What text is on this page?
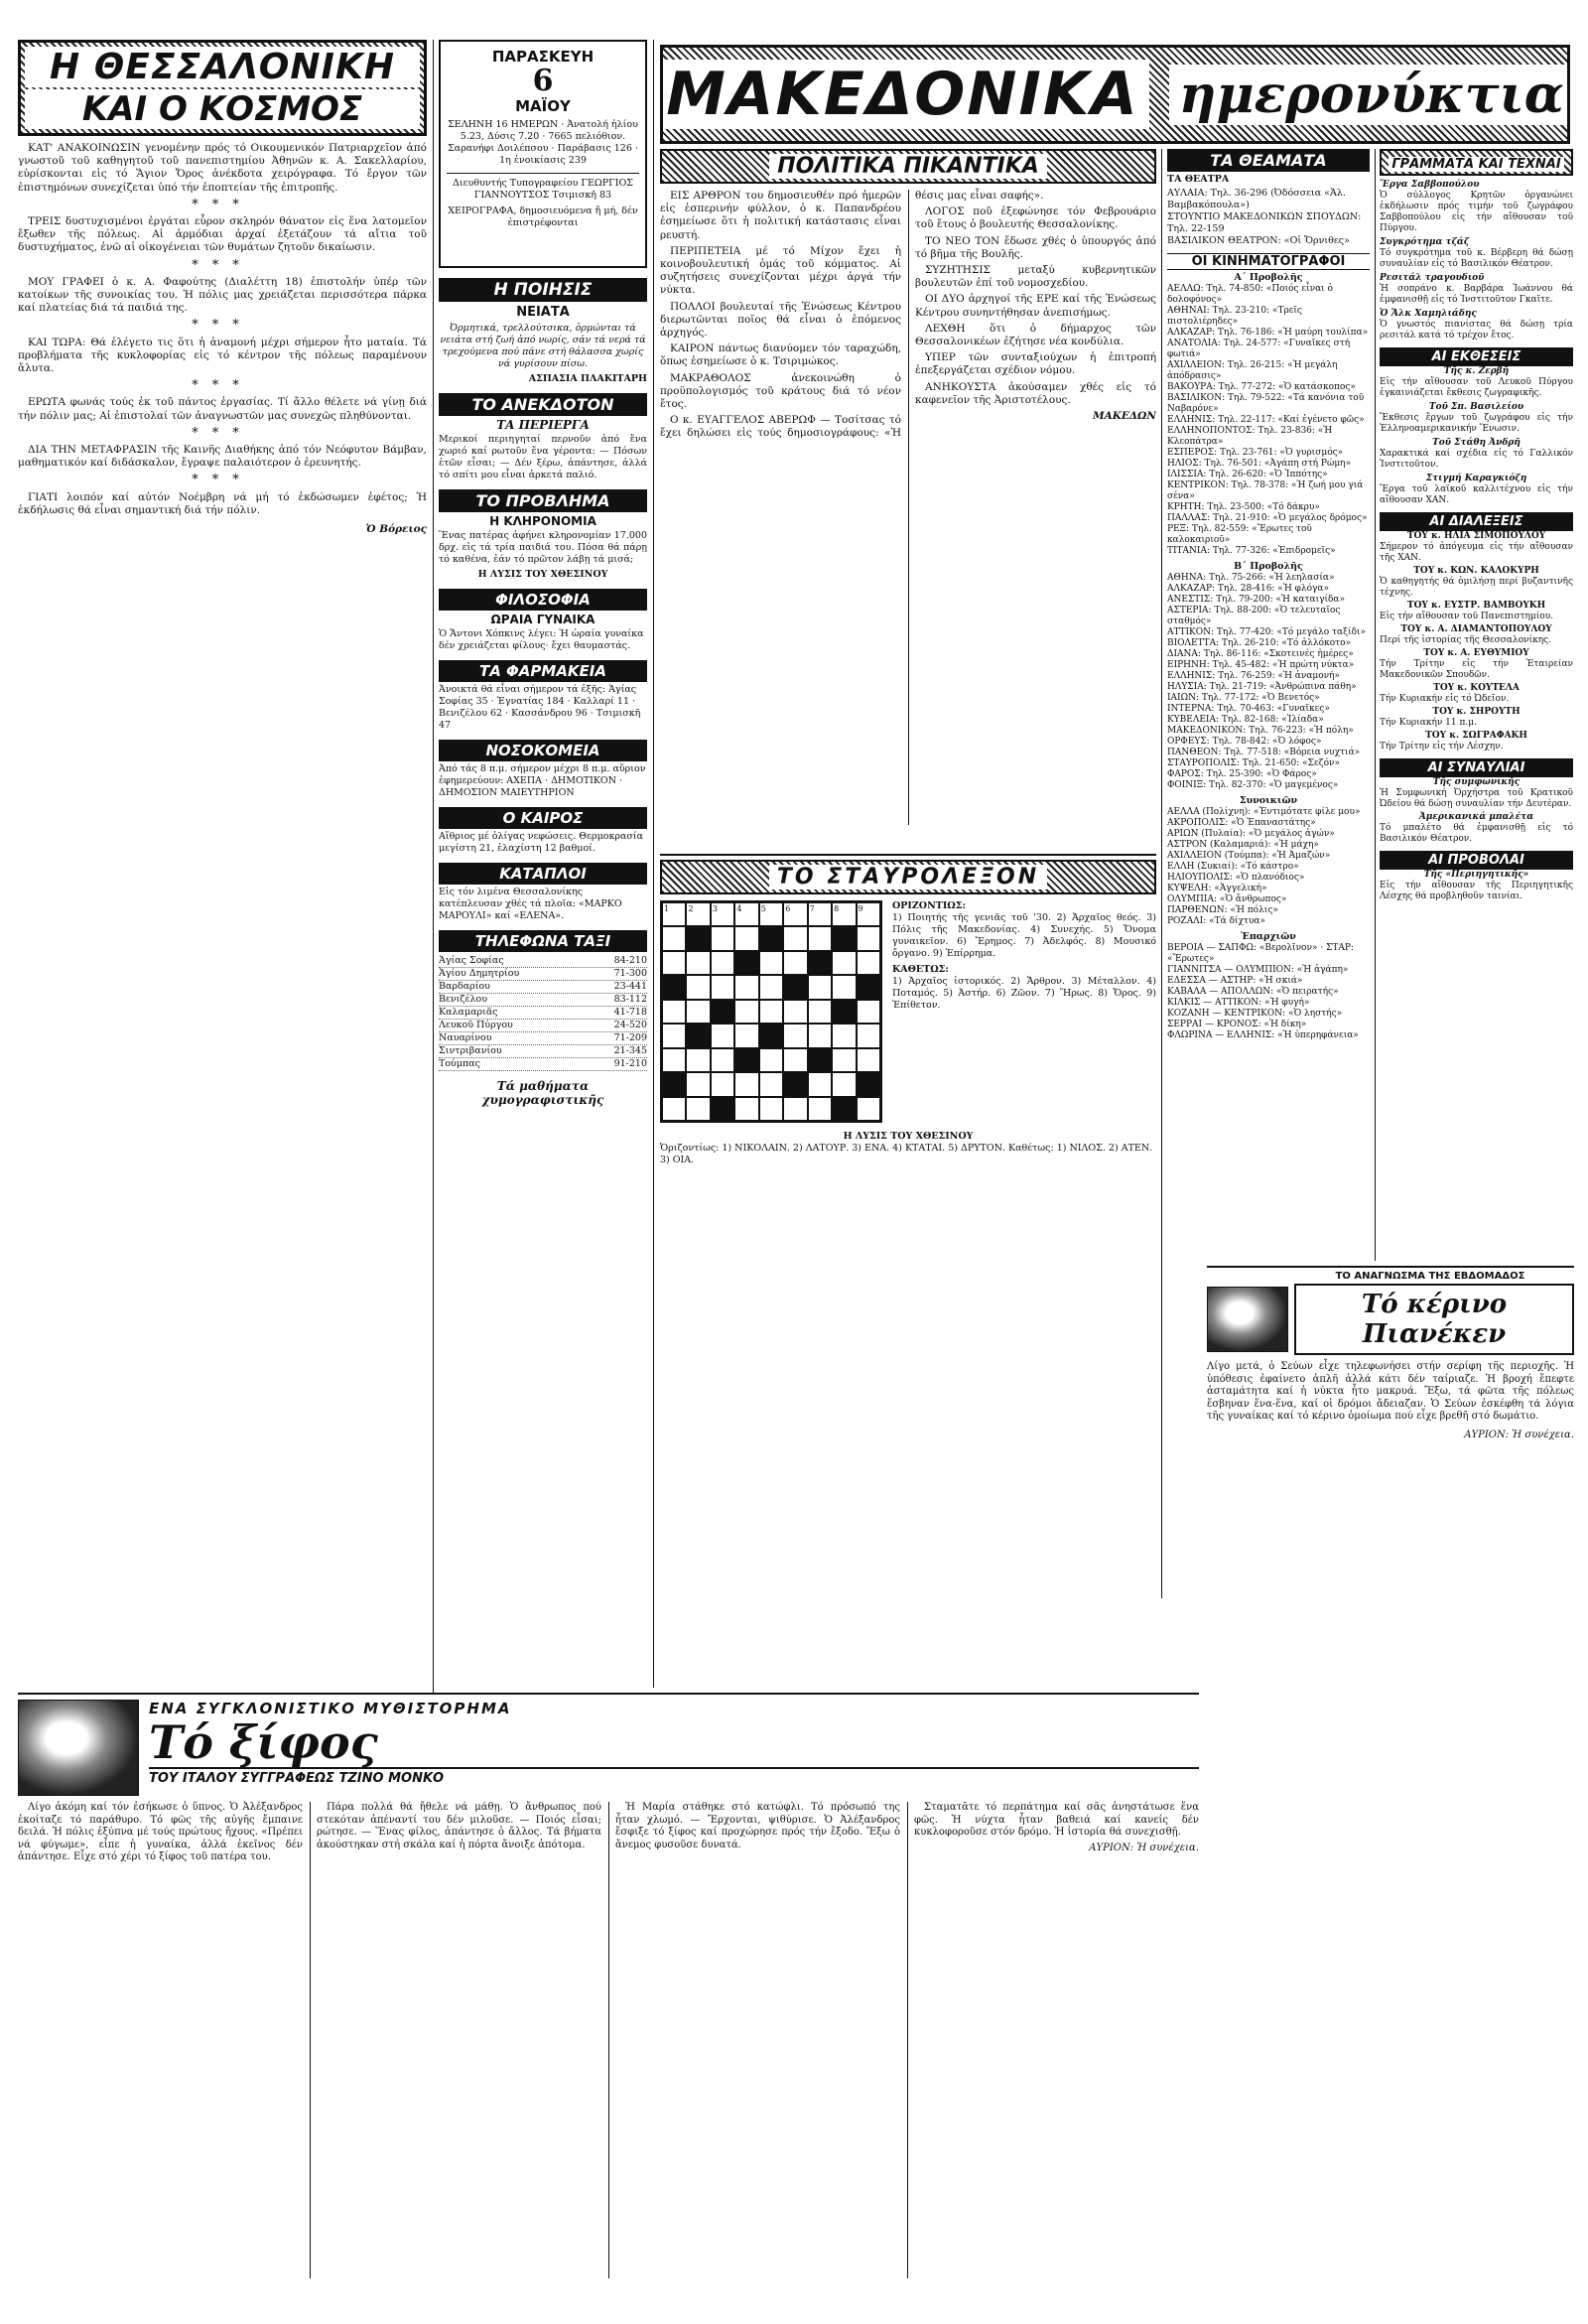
Η ΘΕΣΣΑΛΟΝΙΚΗ
ΚΑΙ Ο ΚΟΣΜΟΣ

ΚΑΤ' ΑΝΑΚΟΙΝΩΣΙΝ γενομένην πρός τό Οικουμενικόν Πατριαρχεῖον ἀπό γνωστοῦ τοῦ καθηγητοῦ τοῦ πανεπιστημίου Ἀθηνῶν κ. Α. Σακελλαρίου, εὑρίσκονται εἰς τό Ἅγιον Ὄρος ἀνέκδοτα χειρόγραφα. Τό ἔργον τῶν ἐπιστημόνων συνεχίζεται ὑπό τήν ἐποπτείαν τῆς ἐπιτροπῆς.

***

ΤΡΕΙΣ δυστυχισμένοι ἐργάται εὗρον σκληρόν θάνατον εἰς ἕνα λατομεῖον ἔξωθεν τῆς πόλεως. Αἱ ἀρμόδιαι ἀρχαί ἐξετάζουν τά αἴτια τοῦ δυστυχήματος, ἐνῶ αἱ οἰκογένειαι τῶν θυμάτων ζητοῦν δικαίωσιν.

***

ΜΟΥ ΓΡΑΦΕΙ ὁ κ. Α. Φαφούτης (Διαλέττη 18) ἐπιστολήν ὑπέρ τῶν κατοίκων τῆς συνοικίας του. Ἡ πόλις μας χρειάζεται περισσότερα πάρκα καί πλατείας διά τά παιδιά της.

***

ΚΑΙ ΤΩΡΑ: Θά ἐλέγετο τις ὅτι ἡ ἀναμονή μέχρι σήμερον ἦτο ματαία. Τά προβλήματα τῆς κυκλοφορίας εἰς τό κέντρον τῆς πόλεως παραμένουν ἄλυτα.

***

ΕΡΩΤΑ φωνάς τούς ἐκ τοῦ πάντος ἐργασίας. Τί ἄλλο θέλετε νά γίνῃ διά τήν πόλιν μας; Αἱ ἐπιστολαί τῶν ἀναγνωστῶν μας συνεχῶς πληθύνονται.

***

ΔΙΑ ΤΗΝ ΜΕΤΑΦΡΑΣΙΝ τῆς Καινῆς Διαθήκης ἀπό τόν Νεόφυτον Βάμβαν, μαθηματικόν καί διδάσκαλον, ἔγραψε παλαιότερον ὁ ἐρευνητής.

***

ΓΙΑΤΙ λοιπόν καί αὐτόν Νοέμβρη νά μή τό ἐκδώσωμεν ἐφέτος; Ἡ ἐκδήλωσις θά εἶναι σημαντική διά τήν πόλιν.

Ὁ Βόρειος
ΠΑΡΑΣΚΕΥΗ
6
ΜΑΪΟΥ
ΣΕΛΗΝΗ 16 ΗΜΕΡΩΝ · Ἀνατολή ἡλίου 5.23, Δύσις 7.20 · 7665 πελιόθιον. Σαρανήφι Δοιλέπσου · Παράβασις 126 · 1η ἐνοικίασις 239
Διευθυντής Τυπογραφείου ΓΕΩΡΓΙΟΣ ΓΙΑΝΝΟΥΤΣΟΣ Τσιμισκῆ 83
ΧΕΙΡΟΓΡΑΦΑ, δημοσιευόμενα ἤ μή, δέν ἐπιστρέφονται
Η ΠΟΙΗΣΙΣ
ΝΕΙΑΤΑ
Ὀρμητικά, τρελλούτσικα, ὁρμώνται τά νειάτα στή ζωή ἀπό νωρίς, σάν τά νερά τά τρεχούμενα πού πάνε στή θάλασσα χωρίς νά γυρίσουν πίσω.
ΑΣΠΑΣΙΑ ΠΛΑΚΙΤΑΡΗ
ΤΟ ΑΝΕΚΔΟΤΟΝ
ΤΑ ΠΕΡΙΕΡΓΑ
Μερικοί περιηγηταί περνοῦν ἀπό ἕνα χωριό καί ρωτοῦν ἕνα γέροντα: — Πόσων ἐτῶν εἶσαι; — Δέν ξέρω, ἀπάντησε, ἀλλά τό σπίτι μου εἶναι ἀρκετά παλιό.
ΤΟ ΠΡΟΒΛΗΜΑ
Η ΚΛΗΡΟΝΟΜΙΑ
Ἕνας πατέρας ἀφήνει κληρονομίαν 17.000 δρχ. εἰς τά τρία παιδιά του. Πόσα θά πάρῃ τό καθένα, ἐάν τό πρῶτον λάβῃ τά μισά;
Η ΛΥΣΙΣ ΤΟΥ ΧΘΕΣΙΝΟΥ
ΦΙΛΟΣΟΦΙΑ
ΩΡΑΙΑ ΓΥΝΑΙΚΑ
Ὁ Ἄντονι Χόπκινς λέγει: Ἡ ὡραία γυναίκα δέν χρειάζεται φίλους· ἔχει θαυμαστάς.
ΤΑ ΦΑΡΜΑΚΕΙΑ
Ἀνοικτά θά εἶναι σήμερον τά ἑξῆς: Ἁγίας Σοφίας 35 · Ἐγνατίας 184 · Καλλαρί 11 · Βενιζέλου 62 · Κασσάνδρου 96 · Τσιμισκῆ 47
ΝΟΣΟΚΟΜΕΙΑ
Ἀπό τάς 8 π.μ. σήμερον μέχρι 8 π.μ. αὔριον ἐφημερεύουν: ΑΧΕΠΑ · ΔΗΜΟΤΙΚΟΝ · ΔΗΜΟΣΙΟΝ ΜΑΙΕΥΤΗΡΙΟΝ
Ο ΚΑΙΡΟΣ
Αἴθριος μέ ὀλίγας νεφώσεις. Θερμοκρασία μεγίστη 21, ἐλαχίστη 12 βαθμοί.
ΚΑΤΑΠΛΟΙ
Εἰς τόν λιμένα Θεσσαλονίκης κατέπλευσαν χθές τά πλοῖα: «ΜΑΡΚΟ ΜΑΡΟΥΛΙ» καί «ΕΛΕΝΑ».
ΤΗΛΕΦΩΝΑ ΤΑΞΙ
Ἁγίας Σοφίας	84-210
Ἁγίου Δημητρίου	71-300
Βαρδαρίου	23-441
Βενιζέλου	83-112
Καλαμαριᾶς	41-718
Λευκοῦ Πύργου	24-520
Ναυαρίνου	71-209
Σιντριβανίου	21-345
Τούμπας	91-210
Τά μαθήματα χυμογραφιστικῆς
ΜΑΚΕΔΟΝΙΚΑ ημερονύκτια
ΠΟΛΙΤΙΚΑ ΠΙΚΑΝΤΙΚΑ

ΕΙΣ ΑΡΘΡΟΝ του δημοσιευθέν πρό ἡμερῶν εἰς ἑσπερινήν φύλλον, ὁ κ. Παπανδρέου ἐσημείωσε ὅτι ἡ πολιτική κατάστασις εἶναι ρευστή.

ΠΕΡΙΠΕΤΕΙΑ μέ τό Μίχον ἔχει ἡ κοινοβουλευτική ὁμάς τοῦ κόμματος. Αἱ συζητήσεις συνεχίζονται μέχρι ἀργά τήν νύκτα.

ΠΟΛΛΟΙ βουλευταί τῆς Ἑνώσεως Κέντρου διερωτῶνται ποῖος θά εἶναι ὁ ἑπόμενος ἀρχηγός.

ΚΑΙΡΟΝ πάντως διανύομεν τόν ταραχώδη, ὅπως ἐσημείωσε ὁ κ. Τσιριμώκος.

ΜΑΚΡΑΘΟΛΟΣ ἀνεκοινώθη ὁ προϋπολογισμός τοῦ κράτους διά τό νέον ἔτος.

Ο κ. ΕΥΑΓΓΕΛΟΣ ΑΒΕΡΩΦ — Τοσίτσας τό ἔχει δηλώσει εἰς τούς δημοσιογράφους: «Ἡ θέσις μας εἶναι σαφής».

ΛΟΓΟΣ ποῦ ἐξεφώνησε τόν Φεβρουάριο τοῦ ἔτους ὁ βουλευτής Θεσσαλονίκης.

ΤΟ ΝΕΟ ΤΟΝ ἔδωσε χθές ὁ ὑπουργός ἀπό τό βῆμα τῆς Βουλῆς.

ΣΥΖΗΤΗΣΙΣ μεταξύ κυβερνητικῶν βουλευτῶν ἐπί τοῦ νομοσχεδίου.

ΟΙ ΔΥΟ ἀρχηγοί τῆς ΕΡΕ καί τῆς Ἐνώσεως Κέντρου συνηντήθησαν ἀνεπισήμως.

ΛΕΧΘΗ ὅτι ὁ δήμαρχος τῶν Θεσσαλονικέων ἐζήτησε νέα κονδύλια.

ΥΠΕΡ τῶν συνταξιούχων ἡ ἐπιτροπή ἐπεξεργάζεται σχέδιον νόμου.

ΑΝΗΚΟΥΣΤΑ ἀκούσαμεν χθές εἰς τό καφενεῖον τῆς Ἀριστοτέλους.

ΜΑΚΕΔΩΝ
ΤΟ ΣΤΑΥΡΟΛΕΞΟΝ
1	2	3	4	5	6	7	8	9	ΟΡΙΖΟΝΤΙΩΣ:
1) Ποιητής τῆς γενιᾶς τοῦ '30. 2) Ἀρχαῖος θεός. 3) Πόλις τῆς Μακεδονίας. 4) Συνεχής. 5) Ὄνομα γυναικεῖον. 6) Ἔρημος. 7) Ἀδελφός. 8) Μουσικό ὄργανο. 9) Ἐπίρρημα.
ΚΑΘΕΤΩΣ:
1) Ἀρχαῖος ἱστορικός. 2) Ἄρθρον. 3) Μέταλλον. 4) Ποταμός. 5) Ἀστήρ. 6) Ζῶον. 7) Ἥρως. 8) Ὄρος. 9) Ἐπίθετον.
Η ΛΥΣΙΣ ΤΟΥ ΧΘΕΣΙΝΟΥ
Ὁριζοντίως: 1) ΝΙΚΟΛΑΙΝ. 2) ΛΑΤΟΥΡ. 3) ΕΝΑ. 4) ΚΤΑΤΑΙ. 5) ΔΡΥΤΟΝ. Καθέτως: 1) ΝΙΛΟΣ. 2) ΑΤΕΝ. 3) ΟΙΑ.
ΤΑ ΘΕΑΜΑΤΑ
ΤΑ ΘΕΑΤΡΑ
ΑΥΛΑΙΑ: Τηλ. 36-296 (Ὀδόσσεια «Ἀλ. Βαμβακόπουλα»)
ΣΤΟΥΝΤΙΟ ΜΑΚΕΔΟΝΙΚΩΝ ΣΠΟΥΔΩΝ: Τηλ. 22-159
ΒΑΣΙΛΙΚΟΝ ΘΕΑΤΡΟΝ: «Οἱ Ὄρνιθες»
ΟΙ ΚΙΝΗΜΑΤΟΓΡΑΦΟΙ
Α΄ Προβολῆς
ΑΕΛΛΩ: Τηλ. 74-850: «Ποιός εἶναι ὁ δολοφόνος»
ΑΘΗΝΑΙ: Τηλ. 23-210: «Τρεῖς πιστολιέρηδες»
ΑΛΚΑΖΑΡ: Τηλ. 76-186: «Ἡ μαύρη τουλίπα»
ΑΝΑΤΟΛΙΑ: Τηλ. 24-577: «Γυναῖκες στή φωτιά»
ΑΧΙΛΛΕΙΟΝ: Τηλ. 26-215: «Ἡ μεγάλη ἀπόδρασις»
ΒΑΚΟΥΡΑ: Τηλ. 77-272: «Ὁ κατάσκοπος»
ΒΑΣΙΛΙΚΟΝ: Τηλ. 79-522: «Τά κανόνια τοῦ Ναβαρόνε»
ΕΛΛΗΝΙΣ: Τηλ. 22-117: «Καί ἐγένετο φῶς»
ΕΛΛΗΝΟΠΟΝΤΟΣ: Τηλ. 23-836: «Ἡ Κλεοπάτρα»
ΕΣΠΕΡΟΣ: Τηλ. 23-761: «Ὁ γυρισμός»
ΗΛΙΟΣ: Τηλ. 76-501: «Ἀγάπη στή Ρώμη»
ΙΛΙΣΣΙΑ: Τηλ. 26-620: «Ὁ Ἰππότης»
ΚΕΝΤΡΙΚΟΝ: Τηλ. 78-378: «Ἡ ζωή μου γιά σένα»
ΚΡΗΤΗ: Τηλ. 23-500: «Τό δάκρυ»
ΠΑΛΛΑΣ: Τηλ. 21-910: «Ὁ μεγάλος δρόμος»
ΡΕΞ: Τηλ. 82-559: «Ἔρωτες τοῦ καλοκαιριοῦ»
ΤΙΤΑΝΙΑ: Τηλ. 77-326: «Ἐπιδρομεῖς»
Β΄ Προβολῆς
ΑΘΗΝΑ: Τηλ. 75-266: «Ἡ λεηλασία»
ΑΛΚΑΖΑΡ: Τηλ. 28-416: «Ἡ φλόγα»
ΑΝΕΣΤΙΣ: Τηλ. 79-200: «Ἡ καταιγίδα»
ΑΣΤΕΡΙΑ: Τηλ. 88-200: «Ὁ τελευταῖος σταθμός»
ΑΤΤΙΚΟΝ: Τηλ. 77-420: «Τό μεγάλο ταξίδι»
ΒΙΟΛΕΤΤΑ: Τηλ. 26-210: «Τό ἀλλόκοτο»
ΔΙΑΝΑ: Τηλ. 86-116: «Σκοτεινές ἡμέρες»
ΕΙΡΗΝΗ: Τηλ. 45-482: «Ἡ πρώτη νύκτα»
ΕΛΛΗΝΙΣ: Τηλ. 76-259: «Ἡ ἀναμονή»
ΗΛΥΣΙΑ: Τηλ. 21-719: «Ἀνθρώπινα πάθη»
ΙΑΙΩΝ: Τηλ. 77-172: «Ὁ Βενετός»
ΙΝΤΕΡΝΑ: Τηλ. 70-463: «Γυναῖκες»
ΚΥΒΕΛΕΙΑ: Τηλ. 82-168: «Ἰλίαδα»
ΜΑΚΕΔΟΝΙΚΟΝ: Τηλ. 76-223: «Ἡ πόλη»
ΟΡΦΕΥΣ: Τηλ. 78-842: «Ὁ λόφος»
ΠΑΝΘΕΟΝ: Τηλ. 77-518: «Βόρεια νυχτιά»
ΣΤΑΥΡΟΠΟΛΙΣ: Τηλ. 21-650: «Σεζόν»
ΦΑΡΟΣ: Τηλ. 25-390: «Ὁ Φάρος»
ΦΟΙΝΙΞ: Τηλ. 82-370: «Ὁ μαγεμένος»
Συνοικιῶν
ΑΕΛΛΑ (Πολίχνη): «Ἐντιμότατε φίλε μου»
ΑΚΡΟΠΟΛΙΣ: «Ὁ Ἐπαναστάτης»
ΑΡΙΩΝ (Πυλαία): «Ὁ μεγάλος ἀγών»
ΑΣΤΡΟΝ (Καλαμαριά): «Ἡ μάχη»
ΑΧΙΛΛΕΙΟΝ (Τούμπα): «Ἡ Ἀμαζών»
ΕΛΛΗ (Συκιαί): «Τό κάστρο»
ΗΛΙΟΥΠΟΛΙΣ: «Ὁ πλανόδιος»
ΚΥΨΕΛΗ: «Ἀγγελική»
ΟΛΥΜΠΙΑ: «Ὁ ἄνθρωπος»
ΠΑΡΘΕΝΩΝ: «Ἡ πόλις»
ΡΟΖΑΛΙ: «Τά δίχτυα»
Ἐπαρχιῶν
ΒΕΡΟΙΑ — ΣΑΠΦΩ: «Βερολῖνον» · ΣΤΑΡ: «Ἔρωτες»
ΓΙΑΝΝΙΤΣΑ — ΟΛΥΜΠΙΟΝ: «Ἡ ἀγάπη»
ΕΔΕΣΣΑ — ΑΣΤΗΡ: «Ἡ σκιά»
ΚΑΒΑΛΑ — ΑΠΟΛΛΩΝ: «Ὁ πειρατής»
ΚΙΛΚΙΣ — ΑΤΤΙΚΟΝ: «Ἡ φυγή»
ΚΟΖΑΝΗ — ΚΕΝΤΡΙΚΟΝ: «Ὁ ληστής»
ΣΕΡΡΑΙ — ΚΡΟΝΟΣ: «Ἡ δίκη»
ΦΛΩΡΙΝΑ — ΕΛΛΗΝΙΣ: «Ἡ ὑπερηφάνεια»
ΓΡΑΜΜΑΤΑ ΚΑΙ ΤΕΧΝΑΙ
Ἔργα Σαββοπούλου
Ὁ σύλλογος Κρητῶν ὀργανώνει ἐκδήλωσιν πρός τιμήν τοῦ ζωγράφου Σαββοπούλου εἰς τήν αἴθουσαν τοῦ Πύργου.
Συγκρότημα τζάζ
Τό συγκρότημα τοῦ κ. Βέρβερη θά δώσῃ συναυλίαν εἰς τό Βασιλικόν Θέατρον.
Ρεσιτάλ τραγουδιοῦ
Ἡ σοπράνο κ. Βαρβάρα Ἰωάννου θά ἐμφανισθῇ εἰς τό Ἰνστιτοῦτον Γκαῖτε.
Ὁ Ἄλκ Χαμηλιάδης
Ὁ γνωστός πιανίστας θά δώσῃ τρία ρεσιτάλ κατά τό τρέχον ἔτος.
ΑΙ ΕΚΘΕΣΕΙΣ
Τῆς κ. Ζερβῆ
Εἰς τήν αἴθουσαν τοῦ Λευκοῦ Πύργου ἐγκαινιάζεται ἔκθεσις ζωγραφικῆς.
Τοῦ Σπ. Βασιλείου
Ἔκθεσις ἔργων τοῦ ζωγράφου εἰς τήν Ἑλληνοαμερικανικήν Ἕνωσιν.
Τοῦ Στάθη Ἀνδρῆ
Χαρακτικά καί σχέδια εἰς τό Γαλλικόν Ἰνστιτοῦτον.
Στιγμή Καραγκιόζη
Ἔργα τοῦ λαϊκοῦ καλλιτέχνου εἰς τήν αἴθουσαν ΧΑΝ.
ΑΙ ΔΙΑΛΕΞΕΙΣ
ΤΟΥ κ. ΗΛΙΑ ΣΙΜΟΠΟΥΛΟΥ
Σήμερον τό ἀπόγευμα εἰς τήν αἴθουσαν τῆς ΧΑΝ.
ΤΟΥ κ. ΚΩΝ. ΚΑΛΟΚΥΡΗ
Ὁ καθηγητής θά ὁμιλήσῃ περί βυζαντινῆς τέχνης.
ΤΟΥ κ. ΕΥΣΤΡ. ΒΑΜΒΟΥΚΗ
Εἰς τήν αἴθουσαν τοῦ Πανεπιστημίου.
ΤΟΥ κ. Α. ΔΙΑΜΑΝΤΟΠΟΥΛΟΥ
Περί τῆς ἱστορίας τῆς Θεσσαλονίκης.
ΤΟΥ κ. Α. ΕΥΘΥΜΙΟΥ
Τήν Τρίτην εἰς τήν Ἐταιρείαν Μακεδονικῶν Σπουδῶν.
ΤΟΥ κ. ΚΟΥΤΕΛΑ
Τήν Κυριακήν εἰς τό Ὠδεῖον.
ΤΟΥ κ. ΣΗΡΟΥΤΗ
Τήν Κυριακήν 11 π.μ.
ΤΟΥ κ. ΣΩΓΡΑΦΑΚΗ
Τήν Τρίτην εἰς τήν Λέσχην.
ΑΙ ΣΥΝΑΥΛΙΑΙ
Τῆς συμφωνικῆς
Ἡ Συμφωνική Ὀρχήστρα τοῦ Κρατικοῦ Ὠδείου θά δώσῃ συναυλίαν τήν Δευτέραν.
Ἀμερικανικά μπαλέτα
Τό μπαλέτο θά ἐμφανισθῇ εἰς τό Βασιλικόν Θέατρον.
ΑΙ ΠΡΟΒΟΛΑΙ
Τῆς «Περιηγητικῆς»
Εἰς τήν αἴθουσαν τῆς Περιηγητικῆς Λέσχης θά προβληθοῦν ταινίαι.
ΤΟ ΑΝΑΓΝΩΣΜΑ ΤΗΣ ΕΒΔΟΜΑΔΟΣ
Τό κέρινο Πιανέκεν
Λίγο μετά, ὁ Σεύων εἶχε τηλεφωνήσει στήν σερίφη τῆς περιοχῆς. Ἡ ὑπόθεσις ἐφαίνετο ἁπλῆ ἀλλά κάτι δέν ταίριαζε. Ἡ βροχή ἔπεφτε ἀσταμάτητα καί ἡ νύκτα ἦτο μακρυά. Ἔξω, τά φῶτα τῆς πόλεως ἔσβηναν ἕνα-ἕνα, καί οἱ δρόμοι ἄδειαζαν. Ὁ Σεύων ἐσκέφθη τά λόγια τῆς γυναίκας καί τό κέρινο ὁμοίωμα πού εἶχε βρεθῆ στό δωμάτιο.
ΑΥΡΙΟΝ: Ἡ συνέχεια.
ΕΝΑ ΣΥΓΚΛΟΝΙΣΤΙΚΟ ΜΥΘΙΣΤΟΡΗΜΑ
Τό ξίφος
ΤΟΥ ΙΤΑΛΟΥ ΣΥΓΓΡΑΦΕΩΣ ΤΖΙΝΟ ΜΟΝΚΟ

Λίγο ἀκόμη καί τόν ἐσήκωσε ὁ ὕπνος. Ὁ Ἀλέξανδρος ἐκοίταζε τό παράθυρο. Τό φῶς τῆς αὐγῆς ἔμπαινε δειλά. Ἡ πόλις ἐξύπνα μέ τούς πρώτους ἤχους. «Πρέπει νά φύγωμε», εἶπε ἡ γυναίκα, ἀλλά ἐκεῖνος δέν ἀπάντησε. Εἶχε στό χέρι τό ξίφος τοῦ πατέρα του.

Πάρα πολλά θά ἤθελε νά μάθῃ. Ὁ ἄνθρωπος πού στεκόταν ἀπέναντί του δέν μιλοῦσε. — Ποιός εἶσαι; ρώτησε. — Ἕνας φίλος, ἀπάντησε ὁ ἄλλος. Τά βήματα ἀκούστηκαν στή σκάλα καί ἡ πόρτα ἄνοιξε ἀπότομα.

Ἡ Μαρία στάθηκε στό κατώφλι. Τό πρόσωπό της ἦταν χλωμό. — Ἔρχονται, ψιθύρισε. Ὁ Ἀλέξανδρος ἔσφιξε τό ξίφος καί προχώρησε πρός τήν ἔξοδο. Ἔξω ὁ ἄνεμος φυσοῦσε δυνατά.

Σταματᾶτε τό περπάτημα καί σᾶς ἀνηστάτωσε ἕνα φῶς. Ἡ νύχτα ἦταν βαθειά καί κανείς δέν κυκλοφοροῦσε στόν δρόμο. Ἡ ἱστορία θά συνεχισθῇ.

ΑΥΡΙΟΝ: Ἡ συνέχεια.
